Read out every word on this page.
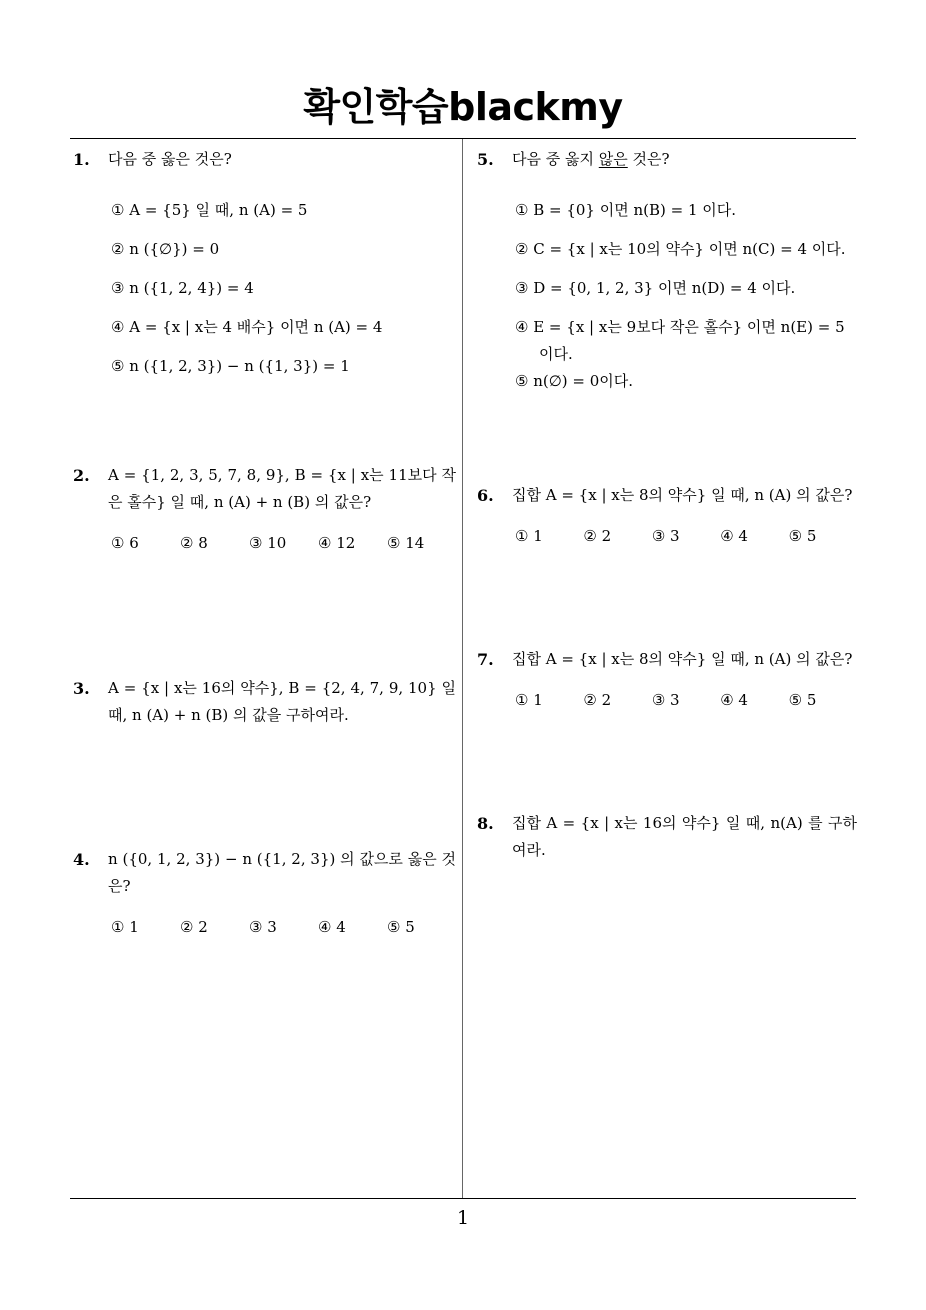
확인학습blackmy
1. 다음 중 옳은 것은?
① A = {5} 일 때, n (A) = 5
② n ({∅}) = 0
③ n ({1, 2, 4}) = 4
④ A = {x | x는 4 배수} 이면 n (A) = 4
⑤ n ({1, 2, 3}) − n ({1, 3}) = 1
2. A = {1, 2, 3, 5, 7, 8, 9}, B = {x | x는 11보다 작은 홀수} 일 때, n (A) + n (B) 의 값은?
① 6	② 8	③ 10	④ 12	⑤ 14
3. A = {x | x는 16의 약수}, B = {2, 4, 7, 9, 10} 일 때, n (A) + n (B) 의 값을 구하여라.
4. n ({0, 1, 2, 3}) − n ({1, 2, 3}) 의 값으로 옳은 것은?
① 1	② 2	③ 3	④ 4	⑤ 5
5. 다음 중 옳지 않은 것은?
① B = {0} 이면 n(B) = 1 이다.
② C = {x | x는 10의 약수} 이면 n(C) = 4 이다.
③ D = {0, 1, 2, 3} 이면 n(D) = 4 이다.
④ E = {x | x는 9보다 작은 홀수} 이면 n(E) = 5 이다.
⑤ n(∅) = 0이다.
6. 집합 A = {x | x는 8의 약수} 일 때, n (A) 의 값은?
① 1	② 2	③ 3	④ 4	⑤ 5
7. 집합 A = {x | x는 8의 약수} 일 때, n (A) 의 값은?
① 1	② 2	③ 3	④ 4	⑤ 5
8. 집합 A = {x | x는 16의 약수} 일 때, n(A) 를 구하여라.
1
